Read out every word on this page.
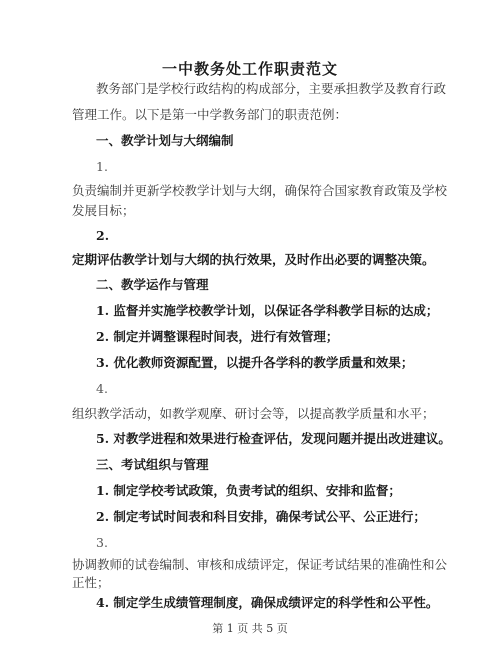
一中教务处工作职责范文
教务部门是学校行政结构的构成部分，主要承担教学及教育行政
管理工作。以下是第一中学教务部门的职责范例：
一、教学计划与大纲编制
1.
负责编制并更新学校教学计划与大纲，确保符合国家教育政策及学校
发展目标；
2.
定期评估教学计划与大纲的执行效果，及时作出必要的调整决策。
二、教学运作与管理
1. 监督并实施学校教学计划，以保证各学科教学目标的达成；
2. 制定并调整课程时间表，进行有效管理；
3. 优化教师资源配置，以提升各学科的教学质量和效果；
4.
组织教学活动，如教学观摩、研讨会等，以提高教学质量和水平；
5. 对教学进程和效果进行检查评估，发现问题并提出改进建议。
三、考试组织与管理
1. 制定学校考试政策，负责考试的组织、安排和监督；
2. 制定考试时间表和科目安排，确保考试公平、公正进行；
3.
协调教师的试卷编制、审核和成绩评定，保证考试结果的准确性和公
正性；
第 1 页 共 5 页
4. 制定学生成绩管理制度，确保成绩评定的科学性和公平性。
